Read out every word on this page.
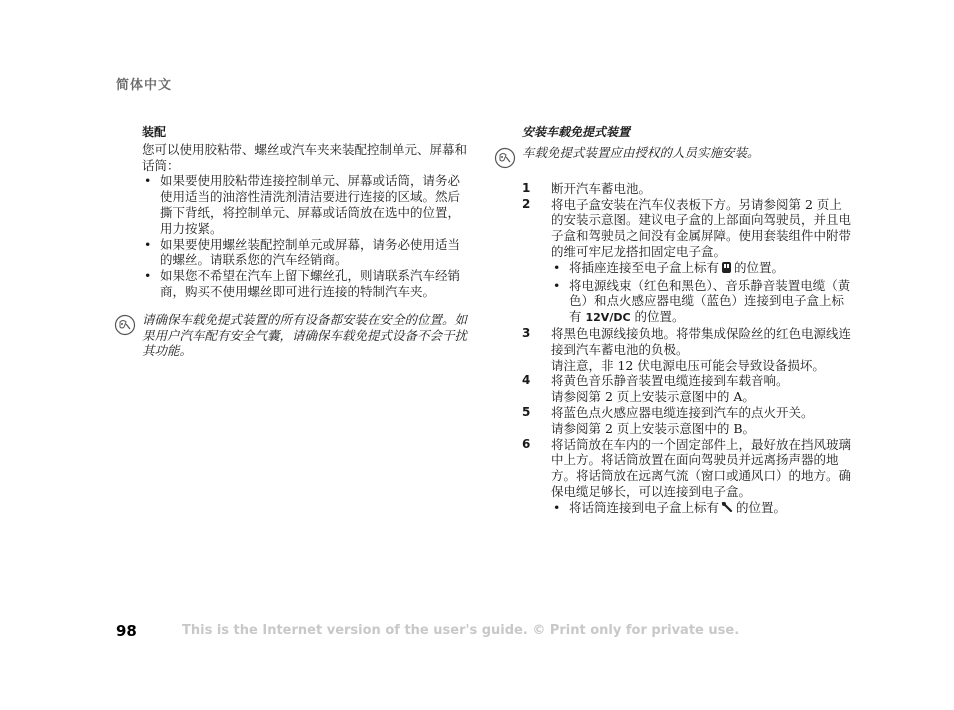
简体中文
装配

您可以使用胶粘带、螺丝或汽车夹来装配控制单元、屏幕和话筒：

• 如果要使用胶粘带连接控制单元、屏幕或话筒，请务必使用适当的油溶性清洗剂清洁要进行连接的区域。然后撕下背纸，将控制单元、屏幕或话筒放在选中的位置，用力按紧。
• 如果要使用螺丝装配控制单元或屏幕，请务必使用适当的螺丝。请联系您的汽车经销商。
• 如果您不希望在汽车上留下螺丝孔，则请联系汽车经销商，购买不使用螺丝即可进行连接的特制汽车夹。
请确保车载免提式装置的所有设备都安装在安全的位置。如果用户汽车配有安全气囊，请确保车载免提式设备不会干扰其功能。
安装车载免提式装置
车载免提式装置应由授权的人员实施安装。
1 断开汽车蓄电池。
2 将电子盒安装在汽车仪表板下方。另请参阅第 2 页上的安装示意图。建议电子盒的上部面向驾驶员，并且电子盒和驾驶员之间没有金属屏障。使用套装组件中附带的维可牢尼龙搭扣固定电子盒。
• 将插座连接至电子盒上标有 的位置。
• 将电源线束（红色和黑色）、音乐静音装置电缆（黄色）和点火感应器电缆（蓝色）连接到电子盒上标有 12V/DC 的位置。
3 将黑色电源线接负地。将带集成保险丝的红色电源线连接到汽车蓄电池的负极。
请注意，非 12 伏电源电压可能会导致设备损坏。
4 将黄色音乐静音装置电缆连接到车载音响。
请参阅第 2 页上安装示意图中的 A。
5 将蓝色点火感应器电缆连接到汽车的点火开关。
请参阅第 2 页上安装示意图中的 B。
6 将话筒放在车内的一个固定部件上，最好放在挡风玻璃中上方。将话筒放置在面向驾驶员并远离扬声器的地方。将话筒放在远离气流（窗口或通风口）的地方。确保电缆足够长，可以连接到电子盒。
• 将话筒连接到电子盒上标有 的位置。
98	This is the Internet version of the user's guide. © Print only for private use.
